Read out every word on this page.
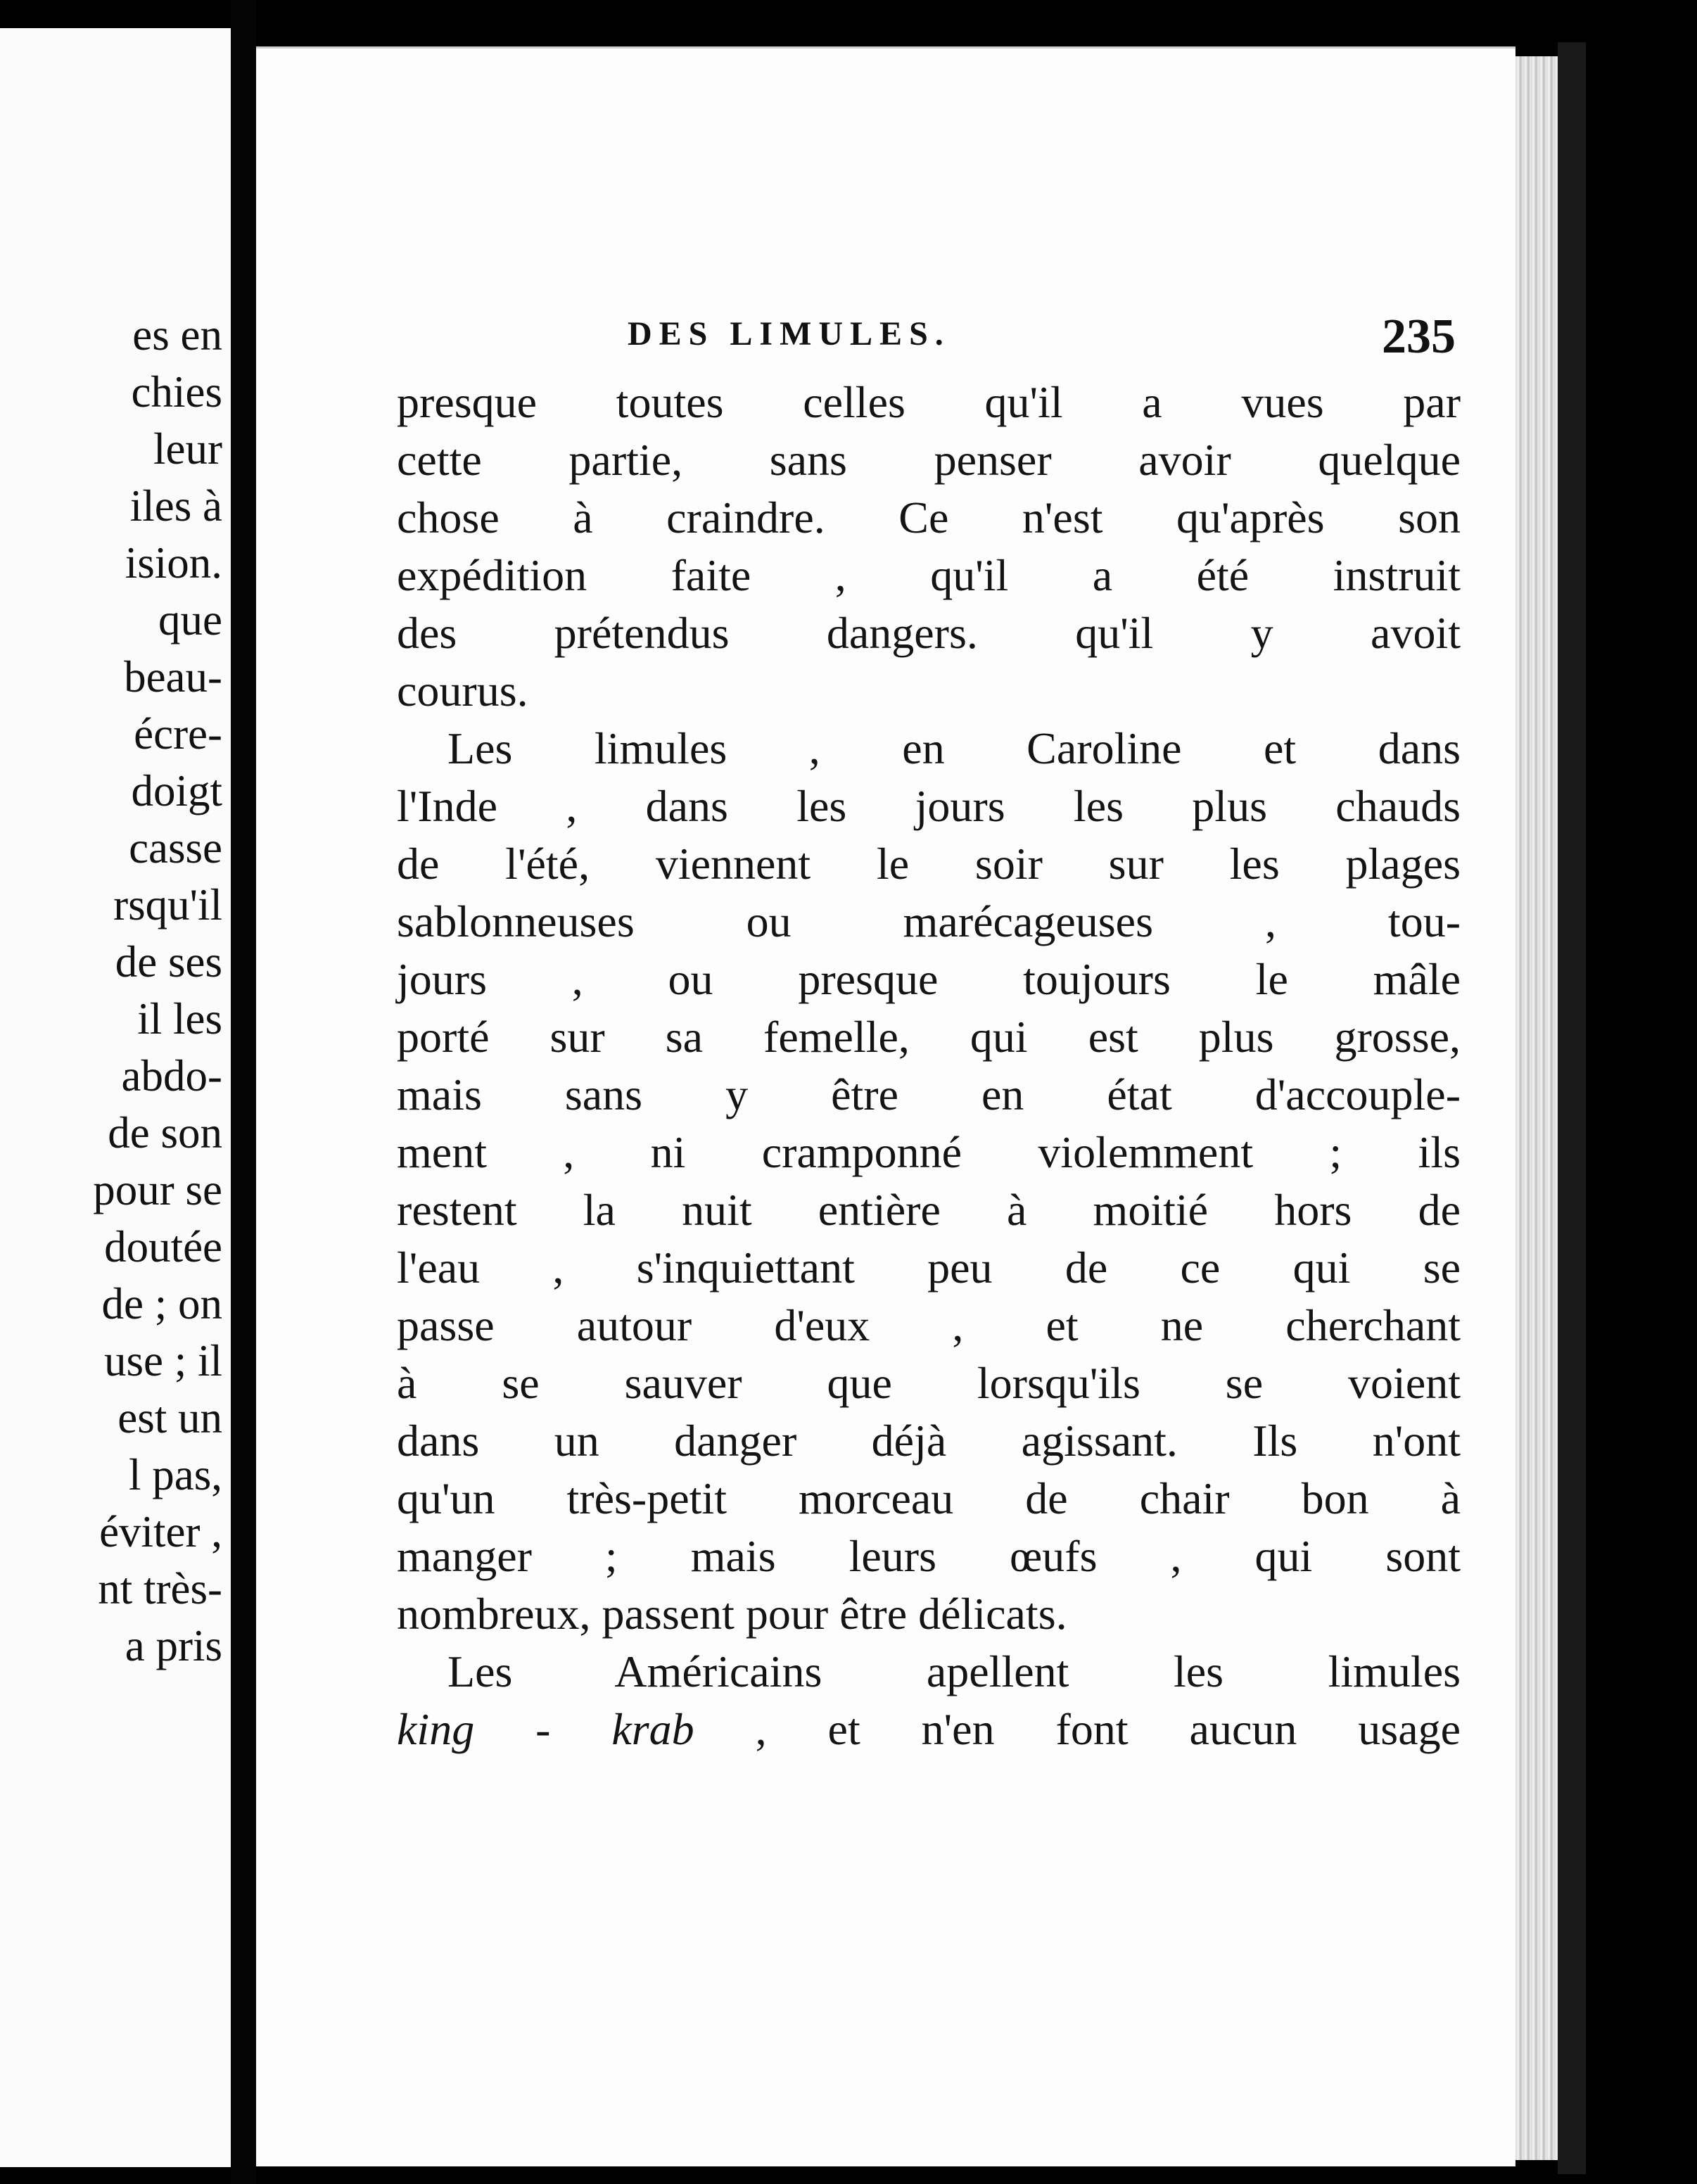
es en
chies
leur
iles à
ision.
que
beau-
écre-
doigt
casse
rsqu'il
de ses
il les
abdo-
de son
pour se
doutée
de ; on
use ; il
est un
l pas,
éviter ,
nt très-
a pris
DES LIMULES.	235
presque toutes celles qu'il a vues par
cette partie, sans penser avoir quelque
chose à craindre. Ce n'est qu'après son
expédition faite , qu'il a été instruit
des prétendus dangers. qu'il y avoit
courus.
Les limules , en Caroline et dans
l'Inde , dans les jours les plus chauds
de l'été, viennent le soir sur les plages
sablonneuses ou marécageuses , tou-
jours , ou presque toujours le mâle
porté sur sa femelle, qui est plus grosse,
mais sans y être en état d'accouple-
ment , ni cramponné violemment ; ils
restent la nuit entière à moitié hors de
l'eau , s'inquiettant peu de ce qui se
passe autour d'eux , et ne cherchant
à se sauver que lorsqu'ils se voient
dans un danger déjà agissant. Ils n'ont
qu'un très-petit morceau de chair bon à
manger ; mais leurs œufs , qui sont
nombreux, passent pour être délicats.
Les Américains apellent les limules
king - krab , et n'en font aucun usage
